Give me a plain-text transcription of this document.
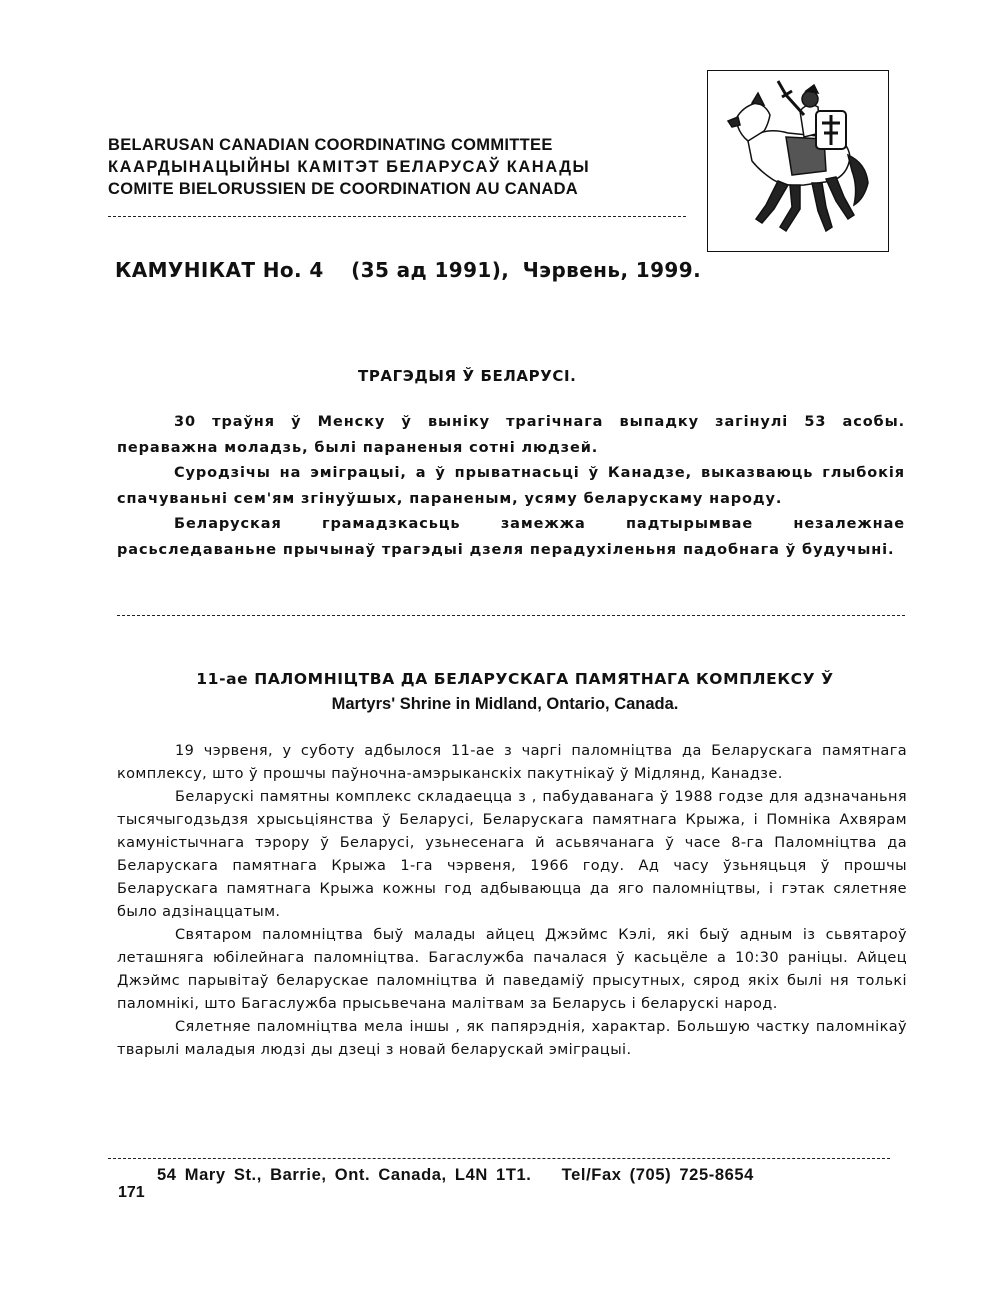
BELARUSAN CANADIAN COORDINATING COMMITTEE
КААРДЫНАЦЫЙНЫ КАМІТЭТ БЕЛАРУСАЎ КАНАДЫ
COMITE BIELORUSSIEN DE COORDINATION AU CANADA
КАМУНІКАТ Но. 4 (35 ад 1991), Чэрвень, 1999.
ТРАГЭДЫЯ Ў БЕЛАРУСІ.

30 траўня ў Менску ў выніку трагічнага выпадку загінулі 53 асобы. пераважна моладзь, былі параненыя сотні людзей.

Суродзічы на эміграцыі, а ў прыватнасьці ў Канадзе, выказваюць глыбокія спачуваньні сем'ям згінуўшых, параненым, усяму беларускаму народу.

Беларуская грамадзкасьць замежжа падтырымвае незалежнае расьследаваньне прычынаў трагэдыі дзеля перадухіленьня падобнага ў будучыні.

11-ае ПАЛОМНІЦТВА ДА БЕЛАРУСКАГА ПАМЯТНАГА КОМПЛЕКСУ Ў
Martyrs' Shrine in Midland, Ontario, Canada.

19 чэрвеня, у суботу адбылося 11-ае з чаргі паломніцтва да Беларускага памятнага комплексу, што ў прошчы паўночна-амэрыканскіх пакутнікаў ў Мідлянд, Канадзе.

Беларускі памятны комплекс складаецца з , пабудаванага ў 1988 годзе для адзначаньня тысячыгодзьдзя хрысьціянства ў Беларусі, Беларускага памятнага Крыжа, і Помніка Ахвярам камуністычнага тэрору ў Беларусі, узьнесенага й асьвячанага ў часе 8-га Паломніцтва да Беларускага памятнага Крыжа 1-га чэрвеня, 1966 году. Ад часу ўзьняцьця ў прошчы Беларускага памятнага Крыжа кожны год адбываюцца да яго паломніцтвы, і гэтак сялетняе было адзінаццатым.

Святаром паломніцтва быў малады айцец Джэймс Кэлі, які быў адным із сьвятароў леташняга юбілейнага паломніцтва. Багаслужба пачалася ў касьцёле а 10:30 раніцы. Айцец Джэймс парывітаў беларускае паломніцтва й паведаміў прысутных, сярод якіх былі ня толькі паломнікі, што Багаслужба прысьвечана малітвам за Беларусь і беларускі народ.

Сялетняе паломніцтва мела іншы , як папярэднія, характар. Большую частку паломнікаў тварылі маладыя людзі ды дзеці з новай беларускай эміграцыі.

171
54 Mary St., Barrie, Ont. Canada, L4N 1T1. Tel/Fax (705) 725-8654
